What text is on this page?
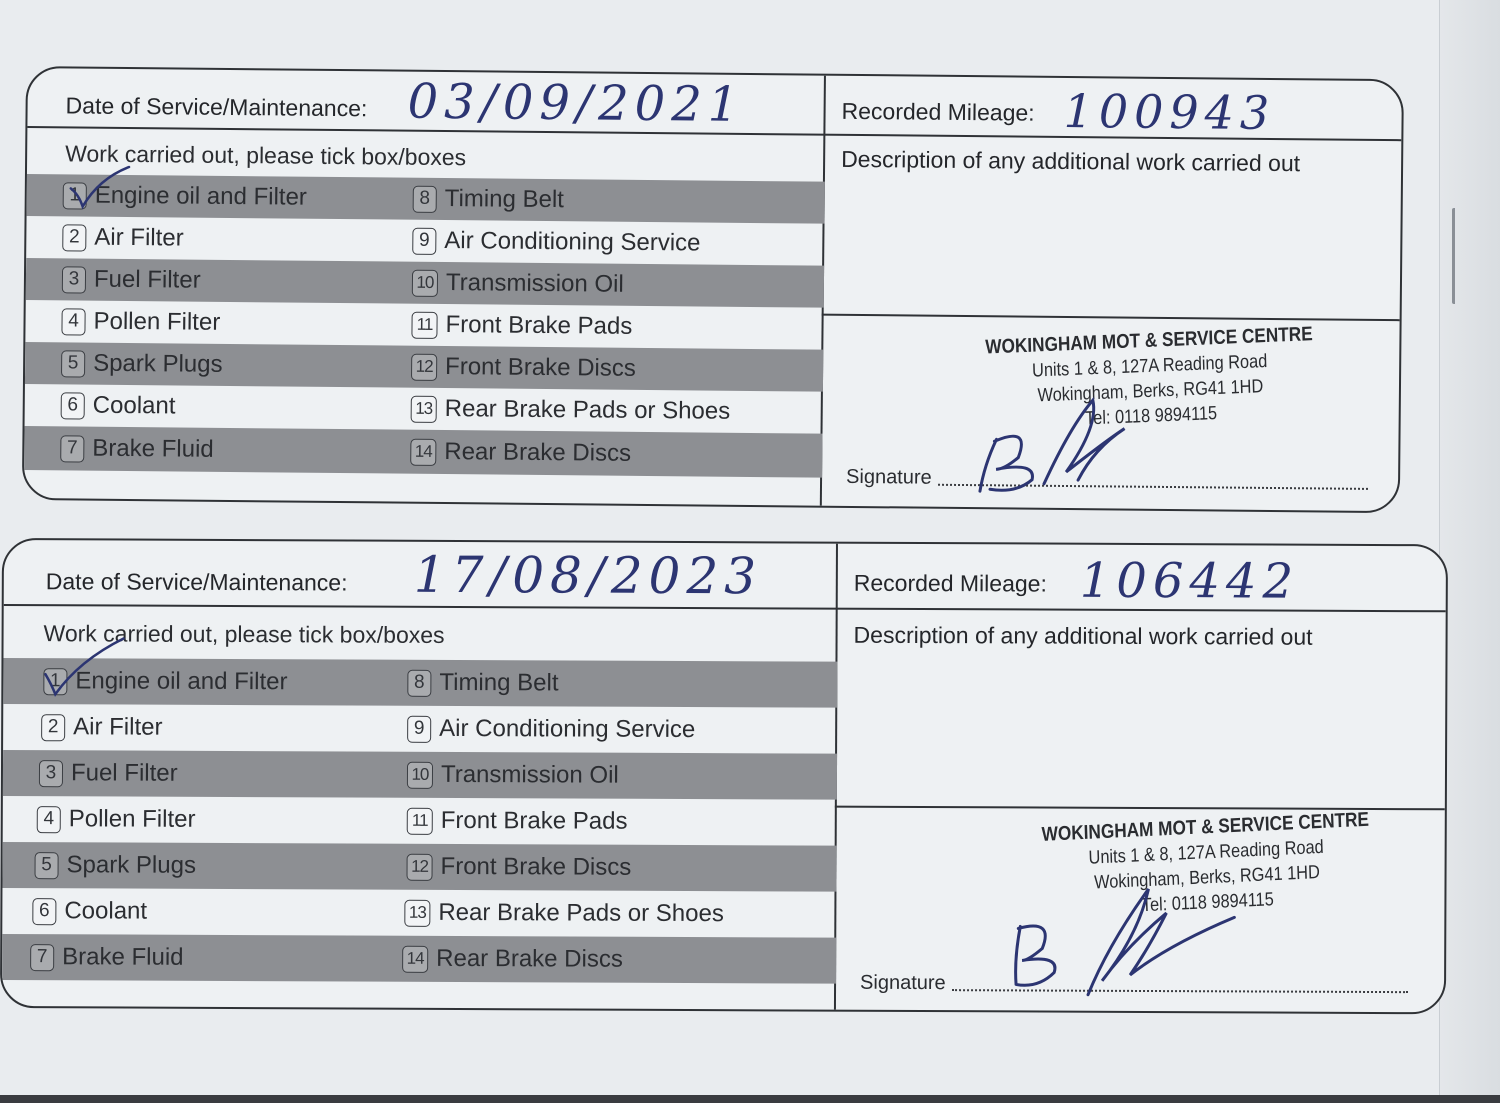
Date of Service/Maintenance: 03/09/2021	Recorded Mileage: 100943
Work carried out, please tick box/boxes	Description of any additional work carried out
1 Engine oil and Filter	8 Timing Belt
2 Air Filter	9 Air Conditioning Service
3 Fuel Filter	10 Transmission Oil
4 Pollen Filter	11 Front Brake Pads
5 Spark Plugs	12 Front Brake Discs
6 Coolant	13 Rear Brake Pads or Shoes
7 Brake Fluid	14 Rear Brake Discs
WOKINGHAM MOT & SERVICE CENTRE
Units 1 & 8, 127A Reading Road
Wokingham, Berks, RG41 1HD
Tel: 0118 9894115
Signature
Date of Service/Maintenance: 17/08/2023	Recorded Mileage: 106442
Work carried out, please tick box/boxes	Description of any additional work carried out
1 Engine oil and Filter	8 Timing Belt
2 Air Filter	9 Air Conditioning Service
3 Fuel Filter	10 Transmission Oil
4 Pollen Filter	11 Front Brake Pads
5 Spark Plugs	12 Front Brake Discs
6 Coolant	13 Rear Brake Pads or Shoes
7 Brake Fluid	14 Rear Brake Discs
WOKINGHAM MOT & SERVICE CENTRE
Units 1 & 8, 127A Reading Road
Wokingham, Berks, RG41 1HD
Tel: 0118 9894115
Signature
